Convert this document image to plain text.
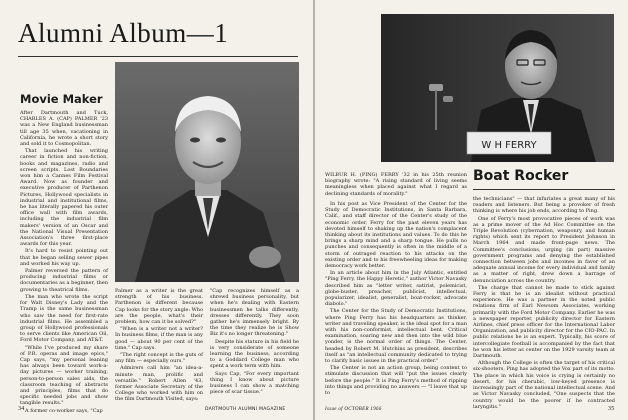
Alumni Album—1
Movie Maker

After Dartmouth and Tuck, CHARLES A. (CAP) PALMER '23 was a New England businessman till age 35 when, vacationing in California, he wrote a short story and sold it to Cosmopolitan.

That launched his writing career in fiction and non-fiction, books and magazines, radio and screen scripts. Lost Boundaries won him a Cannes Film Festival Award. Now as founder and executive producer of Parthenon Pictures, Hollywood specialists in industrial and institutional films, he has literally papered his outer office wall with film awards, including the industrial film makers' version of an Oscar and the National Visual Presentation Association's three first-place awards for this year.

It's hard to resist pointing out that he began selling sewer pipes and worked his way up.

Palmer reversed the pattern of producing industrial films or documentaries as a beginner, then growing to theatrical films.

The man who wrote the script for Walt Disney's Lady and the Tramp is the same businessman who saw the need for first-rate industrial films. He assembled a group of Hollywood professionals to serve clients like American Oil, Ford Motor Company, and AT&T.

"While I've produced my share of P.R. operas and image epics," Cap says, "my personal leaning has always been toward work-a-day pictures — worker training, person-to-person sales aids, the classroom teaching of abstracts and principles, films that do specific needed jobs and show tangible results."

A former co-worker says, "Cap

Palmer as a writer is the great strength of his business. Parthenon is different because Cap looks for the story angle: Who are the people, what's their problem, how can it be solved?"

"When is a writer not a writer? In business films, if the man is any good — about 90 per cent of the time," Cap says.

"The right concept is the guts of any film — especially ours."

Admirers call him "an idea-a-minute man, prolific and versatile." Robert Allen '43, former Associate Secretary of the College who worked with him on the film Dartmouth Visited, says:

"Cap recognizes himself as a shrewd business personality, but when he's dealing with Eastern businessmen he talks differently, dresses differently. They soon gather he's immensely bright. By the time they realize he is Show Biz it's no longer threatening."

Despite his stature in his field he is very considerate of someone learning the business, according to a Goddard College man who spent a work term with him.

Says Cap, "For every important thing I know about picture business I can show a matching piece of scar tissue."

34	DARTMOUTH ALUMNI MAGAZINE
W H FERRY
WILBUR H. (PING) FERRY '32 in his 25th reunion biography wrote: "A rising standard of living seems meaningless when placed against what I regard as declining standards of morality."
Boat Rocker

In his post as Vice President of the Center for the Study of Democratic Institutions, in Santa Barbara, Calif., and staff director of the Center's study of the economic order, Ferry for the past eleven years has devoted himself to shaking up the nation's complacent thinking about its institutions and values. To do this he brings a sharp mind and a sharp tongue. He pulls no punches and consequently is often in the middle of a storm of outraged reaction to his attacks on the existing order and to his freewheeling ideas for making democracy work better.

In an article about him in the July Atlantic, entitled "Ping Ferry, the Happy Heretic," author Victor Navasky described him as "letter writer, satirist, polemicist, globe-buster, preacher, publicist, intellectual, popularizer, idealist, generalist, boat-rocker, advocate diabolo."

The Center for the Study of Democratic Institutions, where Ping Ferry has his headquarters as thinker, writer and traveling speaker, is the ideal spot for a man with his non-conformist, intellectual bent. Critical examination, soaring new and then into the wild blue yonder, is the normal order of things. The Center, headed by Robert M. Hutchins as president, describes itself as "an intellectual community dedicated to trying to clarify basic issues in the practical order."

The Center is not an action group, being content to stimulate discussion that will "put the issues clearly before the people." It is Ping Ferry's method of ripping into things and providing no answers — "I leave that up to

the technicians" — that infuriates a great many of his readers and listeners. But being a provoker of fresh thinking is where his job ends, according to Ping.

One of Ferry's most provocative pieces of work was as a prime mover of the Ad Hoc Committee on the Triple Revolution (cybernation, weaponry, and human rights) which sent its report to President Johnson in March 1964 and made front-page news. The Committee's conclusions, urging (in part) massive government programs and denying the established connection between jobs and incomes in favor of an adequate annual income for every individual and family as a matter of right, drew down a barrage of denunciation across the country.

The charge that cannot be made to stick against Ferry is that he is an idealist without practical experience. He was a partner in the noted public relations firm of Earl Newsom Associates, working primarily with the Ford Motor Company. Earlier he was a newspaper reporter, publicity director for Eastern Airlines, chief press officer for the International Labor Organization, and publicity director for the CIO-PAC. In public relations he is an expert. Typically, his score of intercollegiate football is accompanied by the fact that he won his letter as center on the 1929 varsity team at Dartmouth.

Although the College is often the target of his critical six-shooters, Ping has adopted the Vox part of its motto. The place in which his voice is crying is certainly no desert, for his cherubic, low-keyed presence is increasingly part of the national intellectual scene. And as Victor Navasky concluded, "One suspects that the country would be the poorer if he contracted laryngitis."

Issue of OCTOBER 1966	35
